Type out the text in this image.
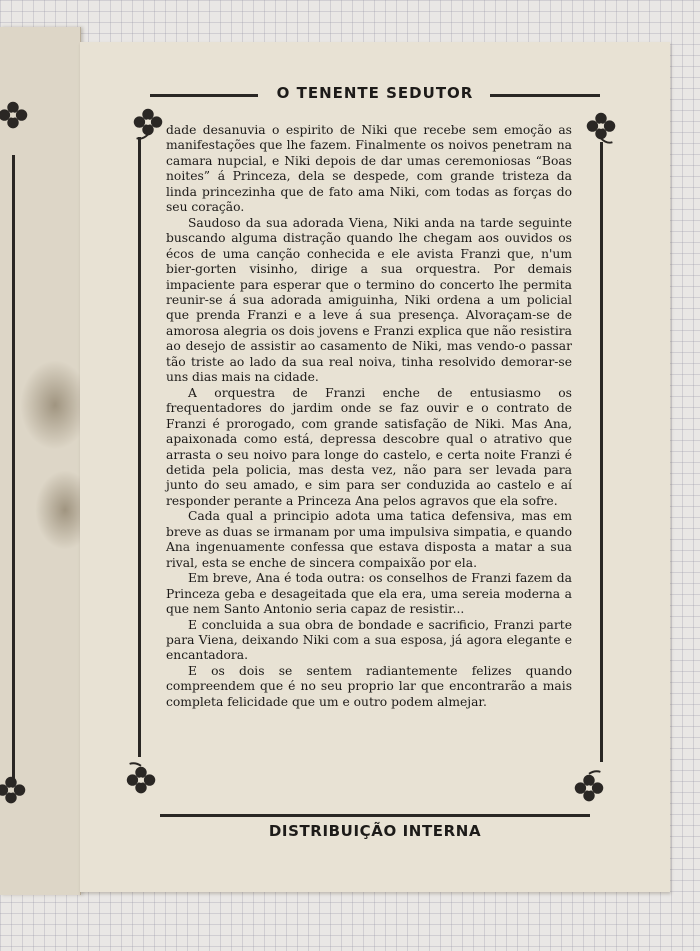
O TENENTE SEDUTOR

dade desanuvia o espirito de Niki que recebe sem emoção as manifestações que lhe fazem. Finalmente os noivos penetram na camara nupcial, e Niki depois de dar umas ceremoniosas “Boas noites” á Princeza, dela se despede, com grande tristeza da linda princezinha que de fato ama Niki, com todas as forças do seu coração.

Saudoso da sua adorada Viena, Niki anda na tarde seguinte buscando alguma distração quando lhe chegam aos ouvidos os écos de uma canção conhecida e ele avista Franzi que, n'um bier-gorten visinho, dirige a sua orquestra. Por demais impaciente para esperar que o termino do concerto lhe permita reunir-se á sua adorada amiguinha, Niki ordena a um policial que prenda Franzi e a leve á sua presença. Alvoraçam-se de amorosa alegria os dois jovens e Franzi explica que não resistira ao desejo de assistir ao casamento de Niki, mas vendo-o passar tão triste ao lado da sua real noiva, tinha resolvido demorar-se uns dias mais na cidade.

A orquestra de Franzi enche de entusiasmo os frequentadores do jardim onde se faz ouvir e o contrato de Franzi é prorogado, com grande satisfação de Niki. Mas Ana, apaixonada como está, depressa descobre qual o atrativo que arrasta o seu noivo para longe do castelo, e certa noite Franzi é detida pela policia, mas desta vez, não para ser levada para junto do seu amado, e sim para ser conduzida ao castelo e aí responder perante a Princeza Ana pelos agravos que ela sofre.

Cada qual a principio adota uma tatica defensiva, mas em breve as duas se irmanam por uma impulsiva simpatia, e quando Ana ingenuamente confessa que estava disposta a matar a sua rival, esta se enche de sincera compaixão por ela.

Em breve, Ana é toda outra: os conselhos de Franzi fazem da Princeza geba e desageitada que ela era, uma sereia moderna a que nem Santo Antonio seria capaz de resistir...

E concluida a sua obra de bondade e sacrificio, Franzi parte para Viena, deixando Niki com a sua esposa, já agora elegante e encantadora.

E os dois se sentem radiantemente felizes quando compreendem que é no seu proprio lar que encontrarão a mais completa felicidade que um e outro podem almejar.

DISTRIBUIÇÃO INTERNA
